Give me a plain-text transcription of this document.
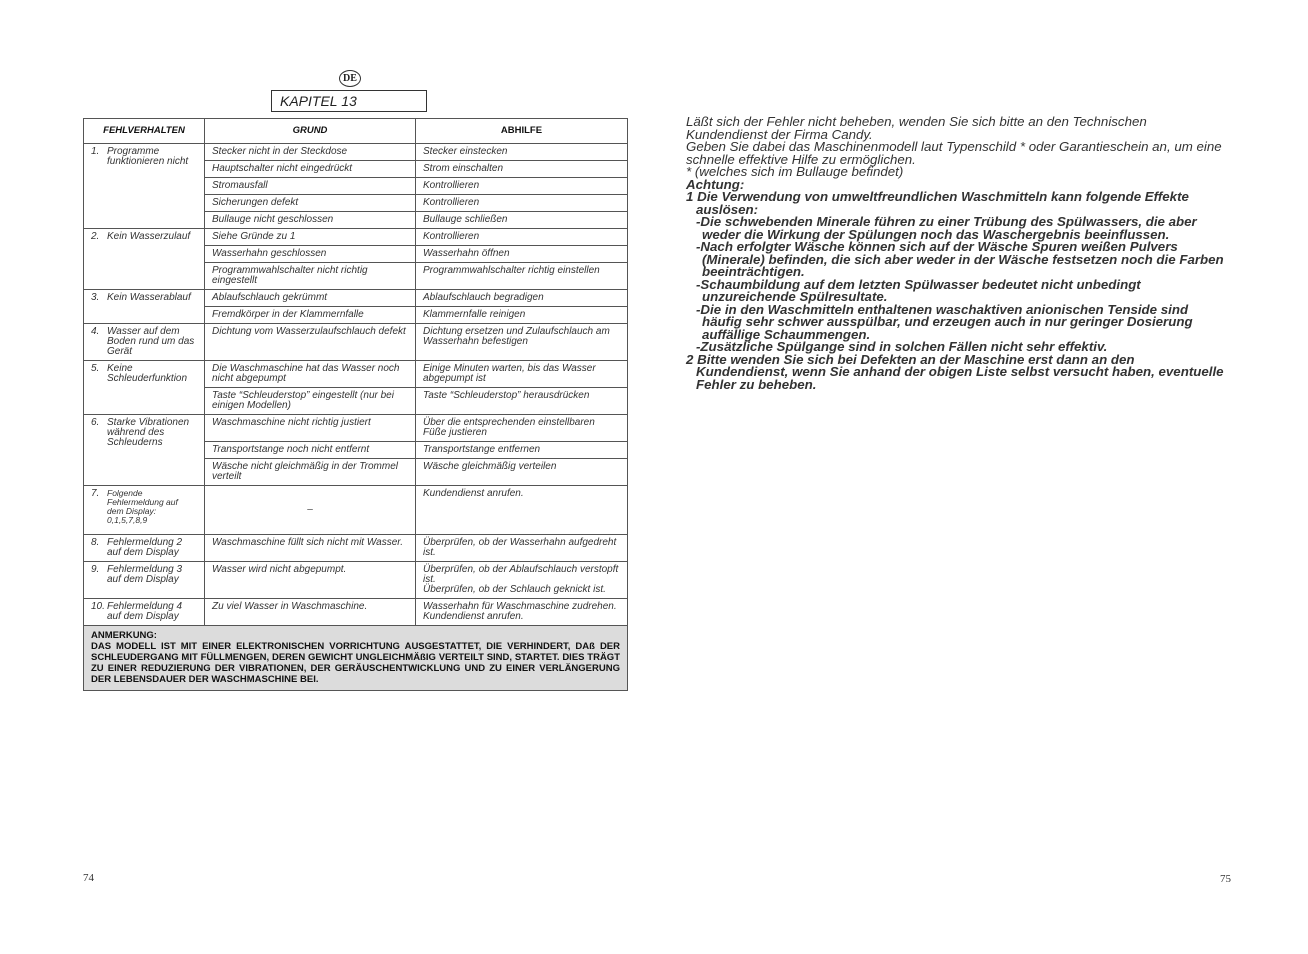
DE
KAPITEL 13
FEHLVERHALTEN	GRUND	ABHILFE
1. Programme funktionieren nicht	Stecker nicht in der Steckdose	Stecker einstecken
	Hauptschalter nicht eingedrückt	Strom einschalten
	Stromausfall	Kontrollieren
	Sicherungen defekt	Kontrollieren
	Bullauge nicht geschlossen	Bullauge schließen
2. Kein Wasserzulauf	Siehe Gründe zu 1	Kontrollieren
	Wasserhahn geschlossen	Wasserhahn öffnen
	Programmwahlschalter nicht richtig eingestellt	Programmwahlschalter richtig einstellen
3. Kein Wasserablauf	Ablaufschlauch gekrümmt	Ablaufschlauch begradigen
	Fremdkörper in der Klammernfalle	Klammernfalle reinigen
4. Wasser auf dem Boden rund um das Gerät	Dichtung vom Wasserzulaufschlauch defekt	Dichtung ersetzen und Zulaufschlauch am Wasserhahn befestigen
5. Keine Schleuderfunktion	Die Waschmaschine hat das Wasser noch nicht abgepumpt	Einige Minuten warten, bis das Wasser abgepumpt ist
	Taste “Schleuderstop” eingestellt (nur bei einigen Modellen)	Taste “Schleuderstop” herausdrücken
6. Starke Vibrationen während des Schleuderns	Waschmaschine nicht richtig justiert	Über die entsprechenden einstellbaren Füße justieren
	Transportstange noch nicht entfernt	Transportstange entfernen
	Wäsche nicht gleichmäßig in der Trommel verteilt	Wäsche gleichmäßig verteilen
7. Folgende Fehlermeldung auf dem Display: 0,1,5,7,8,9	–	Kundendienst anrufen.
8. Fehlermeldung 2 auf dem Display	Waschmaschine füllt sich nicht mit Wasser.	Überprüfen, ob der Wasserhahn aufgedreht ist.
9. Fehlermeldung 3 auf dem Display	Wasser wird nicht abgepumpt.	Überprüfen, ob der Ablaufschlauch verstopft ist.
Überprüfen, ob der Schlauch geknickt ist.
10. Fehlermeldung 4 auf dem Display	Zu viel Wasser in Waschmaschine.	Wasserhahn für Waschmaschine zudrehen.
Kundendienst anrufen.

ANMERKUNG:
DAS MODELL IST MIT EINER ELEKTRONISCHEN VORRICHTUNG AUSGESTATTET, DIE VERHINDERT, DAß DER SCHLEUDERGANG MIT FÜLLMENGEN, DEREN GEWICHT UNGLEICHMÄßIG VERTEILT SIND, STARTET. DIES TRÄGT ZU EINER REDUZIERUNG DER VIBRATIONEN, DER GERÄUSCHENTWICKLUNG UND ZU EINER VERLÄNGERUNG DER LEBENSDAUER DER WASCHMASCHINE BEI.		

Läßt sich der Fehler nicht beheben, wenden Sie sich bitte an den Technischen Kundendienst der Firma Candy.

Geben Sie dabei das Maschinenmodell laut Typenschild * oder Garantieschein an, um eine schnelle effektive Hilfe zu ermöglichen.

* (welches sich im Bullauge befindet)

Achtung:

1 Die Verwendung von umweltfreundlichen Waschmitteln kann folgende Effekte

auslösen:

-Die schwebenden Minerale führen zu einer Trübung des Spülwassers, die aber weder die Wirkung der Spülungen noch das Waschergebnis beeinflussen.

-Nach erfolgter Wäsche können sich auf der Wäsche Spuren weißen Pulvers (Minerale) befinden, die sich aber weder in der Wäsche festsetzen noch die Farben beeinträchtigen.

-Schaumbildung auf dem letzten Spülwasser bedeutet nicht unbedingt unzureichende Spülresultate.

-Die in den Waschmitteln enthaltenen waschaktiven anionischen Tenside sind häufig sehr schwer ausspülbar, und erzeugen auch in nur geringer Dosierung auffällige Schaummengen.

-Zusätzliche Spülgange sind in solchen Fällen nicht sehr effektiv.

2 Bitte wenden Sie sich bei Defekten an der Maschine erst dann an den Kundendienst, wenn Sie anhand der obigen Liste selbst versucht haben, eventuelle Fehler zu beheben.

74	75
